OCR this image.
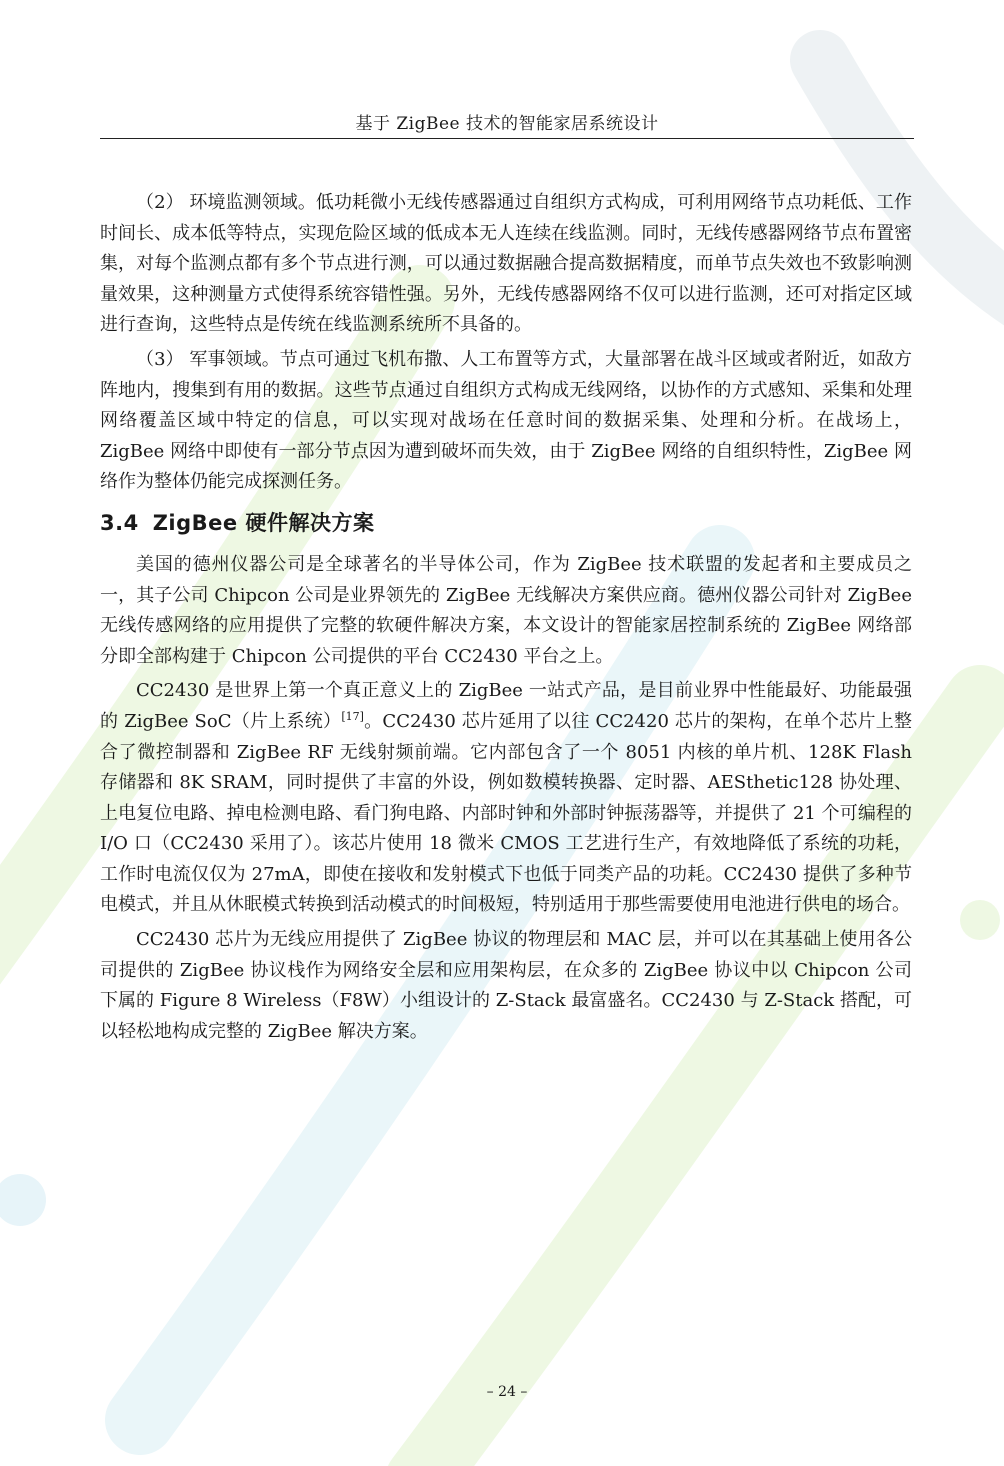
基于 ZigBee 技术的智能家居系统设计

（2） 环境监测领域。低功耗微小无线传感器通过自组织方式构成，可利用网络节点功耗低、工作时间长、成本低等特点，实现危险区域的低成本无人连续在线监测。同时，无线传感器网络节点布置密集，对每个监测点都有多个节点进行测，可以通过数据融合提高数据精度，而单节点失效也不致影响测量效果，这种测量方式使得系统容错性强。另外，无线传感器网络不仅可以进行监测，还可对指定区域进行查询，这些特点是传统在线监测系统所不具备的。

（3） 军事领域。节点可通过飞机布撒、人工布置等方式，大量部署在战斗区域或者附近，如敌方阵地内，搜集到有用的数据。这些节点通过自组织方式构成无线网络，以协作的方式感知、采集和处理网络覆盖区域中特定的信息，可以实现对战场在任意时间的数据采集、处理和分析。在战场上，ZigBee 网络中即使有一部分节点因为遭到破坏而失效，由于 ZigBee 网络的自组织特性，ZigBee 网络作为整体仍能完成探测任务。

3.4 ZigBee 硬件解决方案

美国的德州仪器公司是全球著名的半导体公司，作为 ZigBee 技术联盟的发起者和主要成员之一，其子公司 Chipcon 公司是业界领先的 ZigBee 无线解决方案供应商。德州仪器公司针对 ZigBee 无线传感网络的应用提供了完整的软硬件解决方案，本文设计的智能家居控制系统的 ZigBee 网络部分即全部构建于 Chipcon 公司提供的平台 CC2430 平台之上。

CC2430 是世界上第一个真正意义上的 ZigBee 一站式产品，是目前业界中性能最好、功能最强的 ZigBee SoC（片上系统）[17]。CC2430 芯片延用了以往 CC2420 芯片的架构，在单个芯片上整合了微控制器和 ZigBee RF 无线射频前端。它内部包含了一个 8051 内核的单片机、128K Flash 存储器和 8K SRAM，同时提供了丰富的外设，例如数模转换器、定时器、AESthetic128 协处理、上电复位电路、掉电检测电路、看门狗电路、内部时钟和外部时钟振荡器等，并提供了 21 个可编程的 I/O 口（CC2430 采用了）。该芯片使用 18 微米 CMOS 工艺进行生产，有效地降低了系统的功耗，工作时电流仅仅为 27mA，即使在接收和发射模式下也低于同类产品的功耗。CC2430 提供了多种节电模式，并且从休眠模式转换到活动模式的时间极短，特别适用于那些需要使用电池进行供电的场合。

CC2430 芯片为无线应用提供了 ZigBee 协议的物理层和 MAC 层，并可以在其基础上使用各公司提供的 ZigBee 协议栈作为网络安全层和应用架构层，在众多的 ZigBee 协议中以 Chipcon 公司下属的 Figure 8 Wireless（F8W）小组设计的 Z-Stack 最富盛名。CC2430 与 Z-Stack 搭配，可以轻松地构成完整的 ZigBee 解决方案。

– 24 –
